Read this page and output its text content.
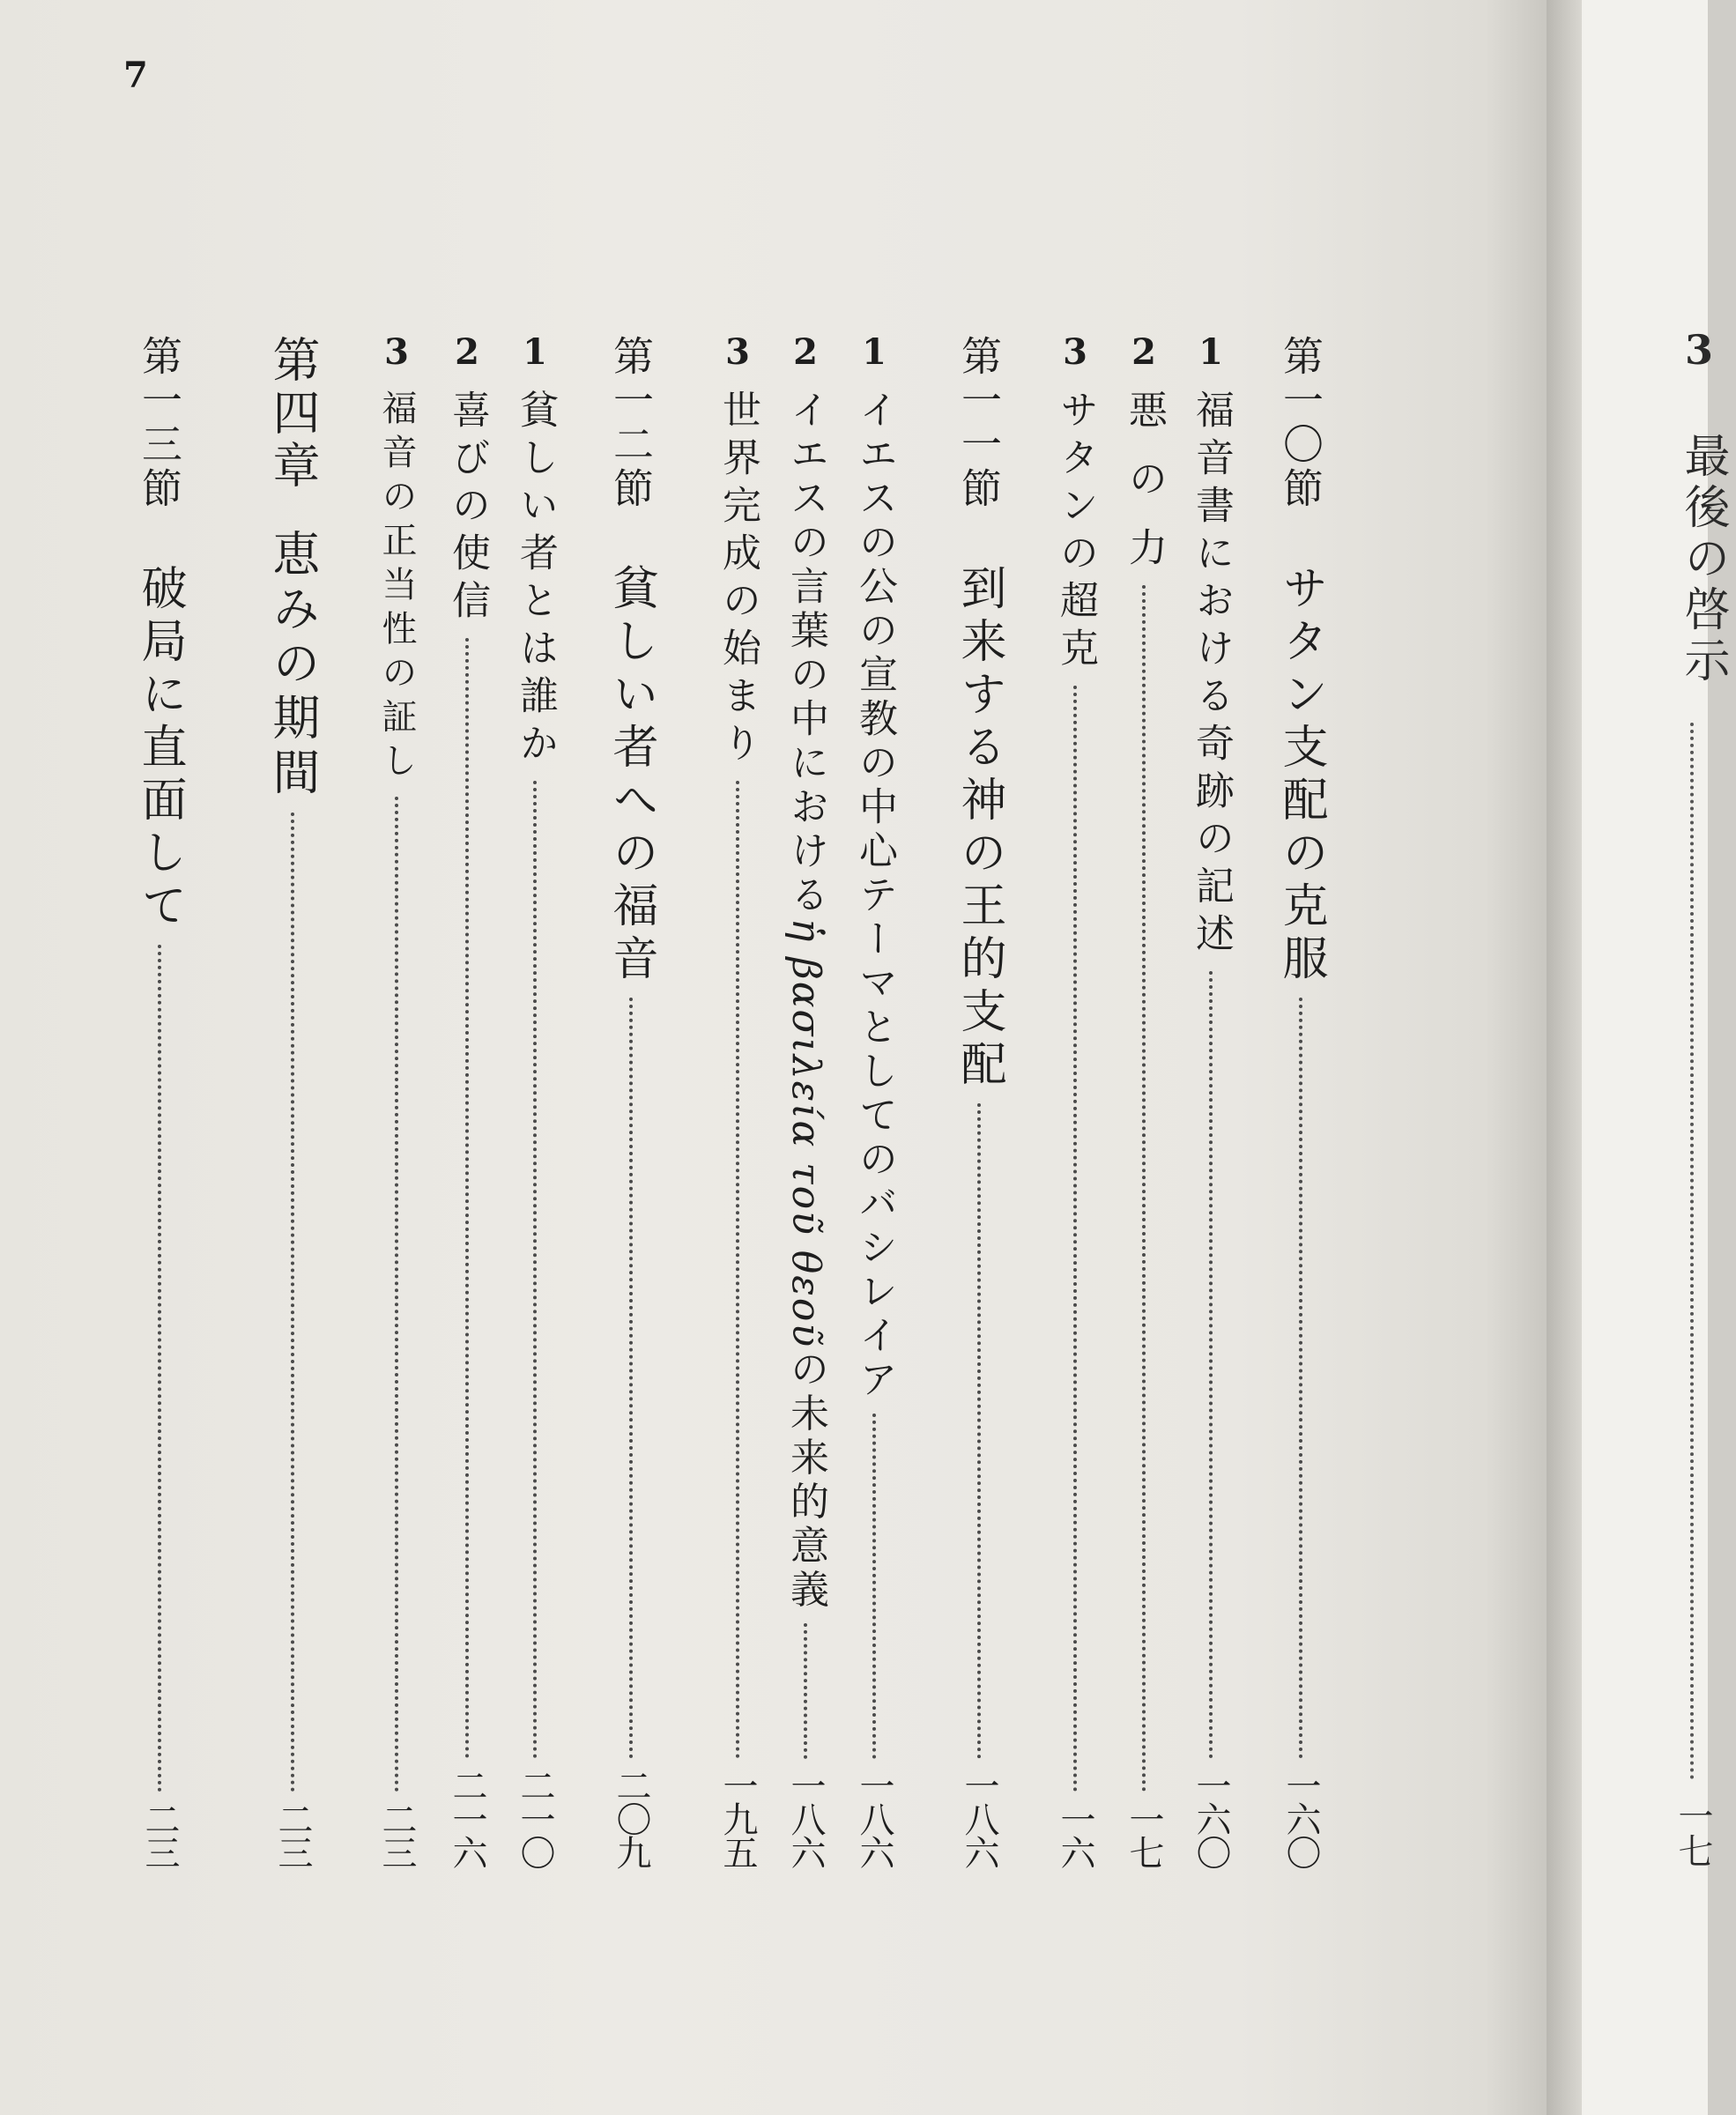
7
第一〇節
サタン支配の克服
一六〇
1
福音書における奇跡の記述
一六〇
2
悪 の 力
一七
3
サタンの超克
一六
第一一節
到来する神の王的支配
一八六
1
イエスの公の宣教の中心テーマとしてのバシレイア
一八六
2
イエスの言葉の中におけるἡ βασιλεία τοῦ θεοῦの未来的意義
一八六
3
世界完成の始まり
一九五
第一二節
貧しい者への福音
二〇九
1
貧しい者とは誰か
二一〇
2
喜びの使信
二一六
3
福音の正当性の証し
二三
第四章
恵みの期間
二三
第一三節
破局に直面して
二三
3
最後の啓示
一七
